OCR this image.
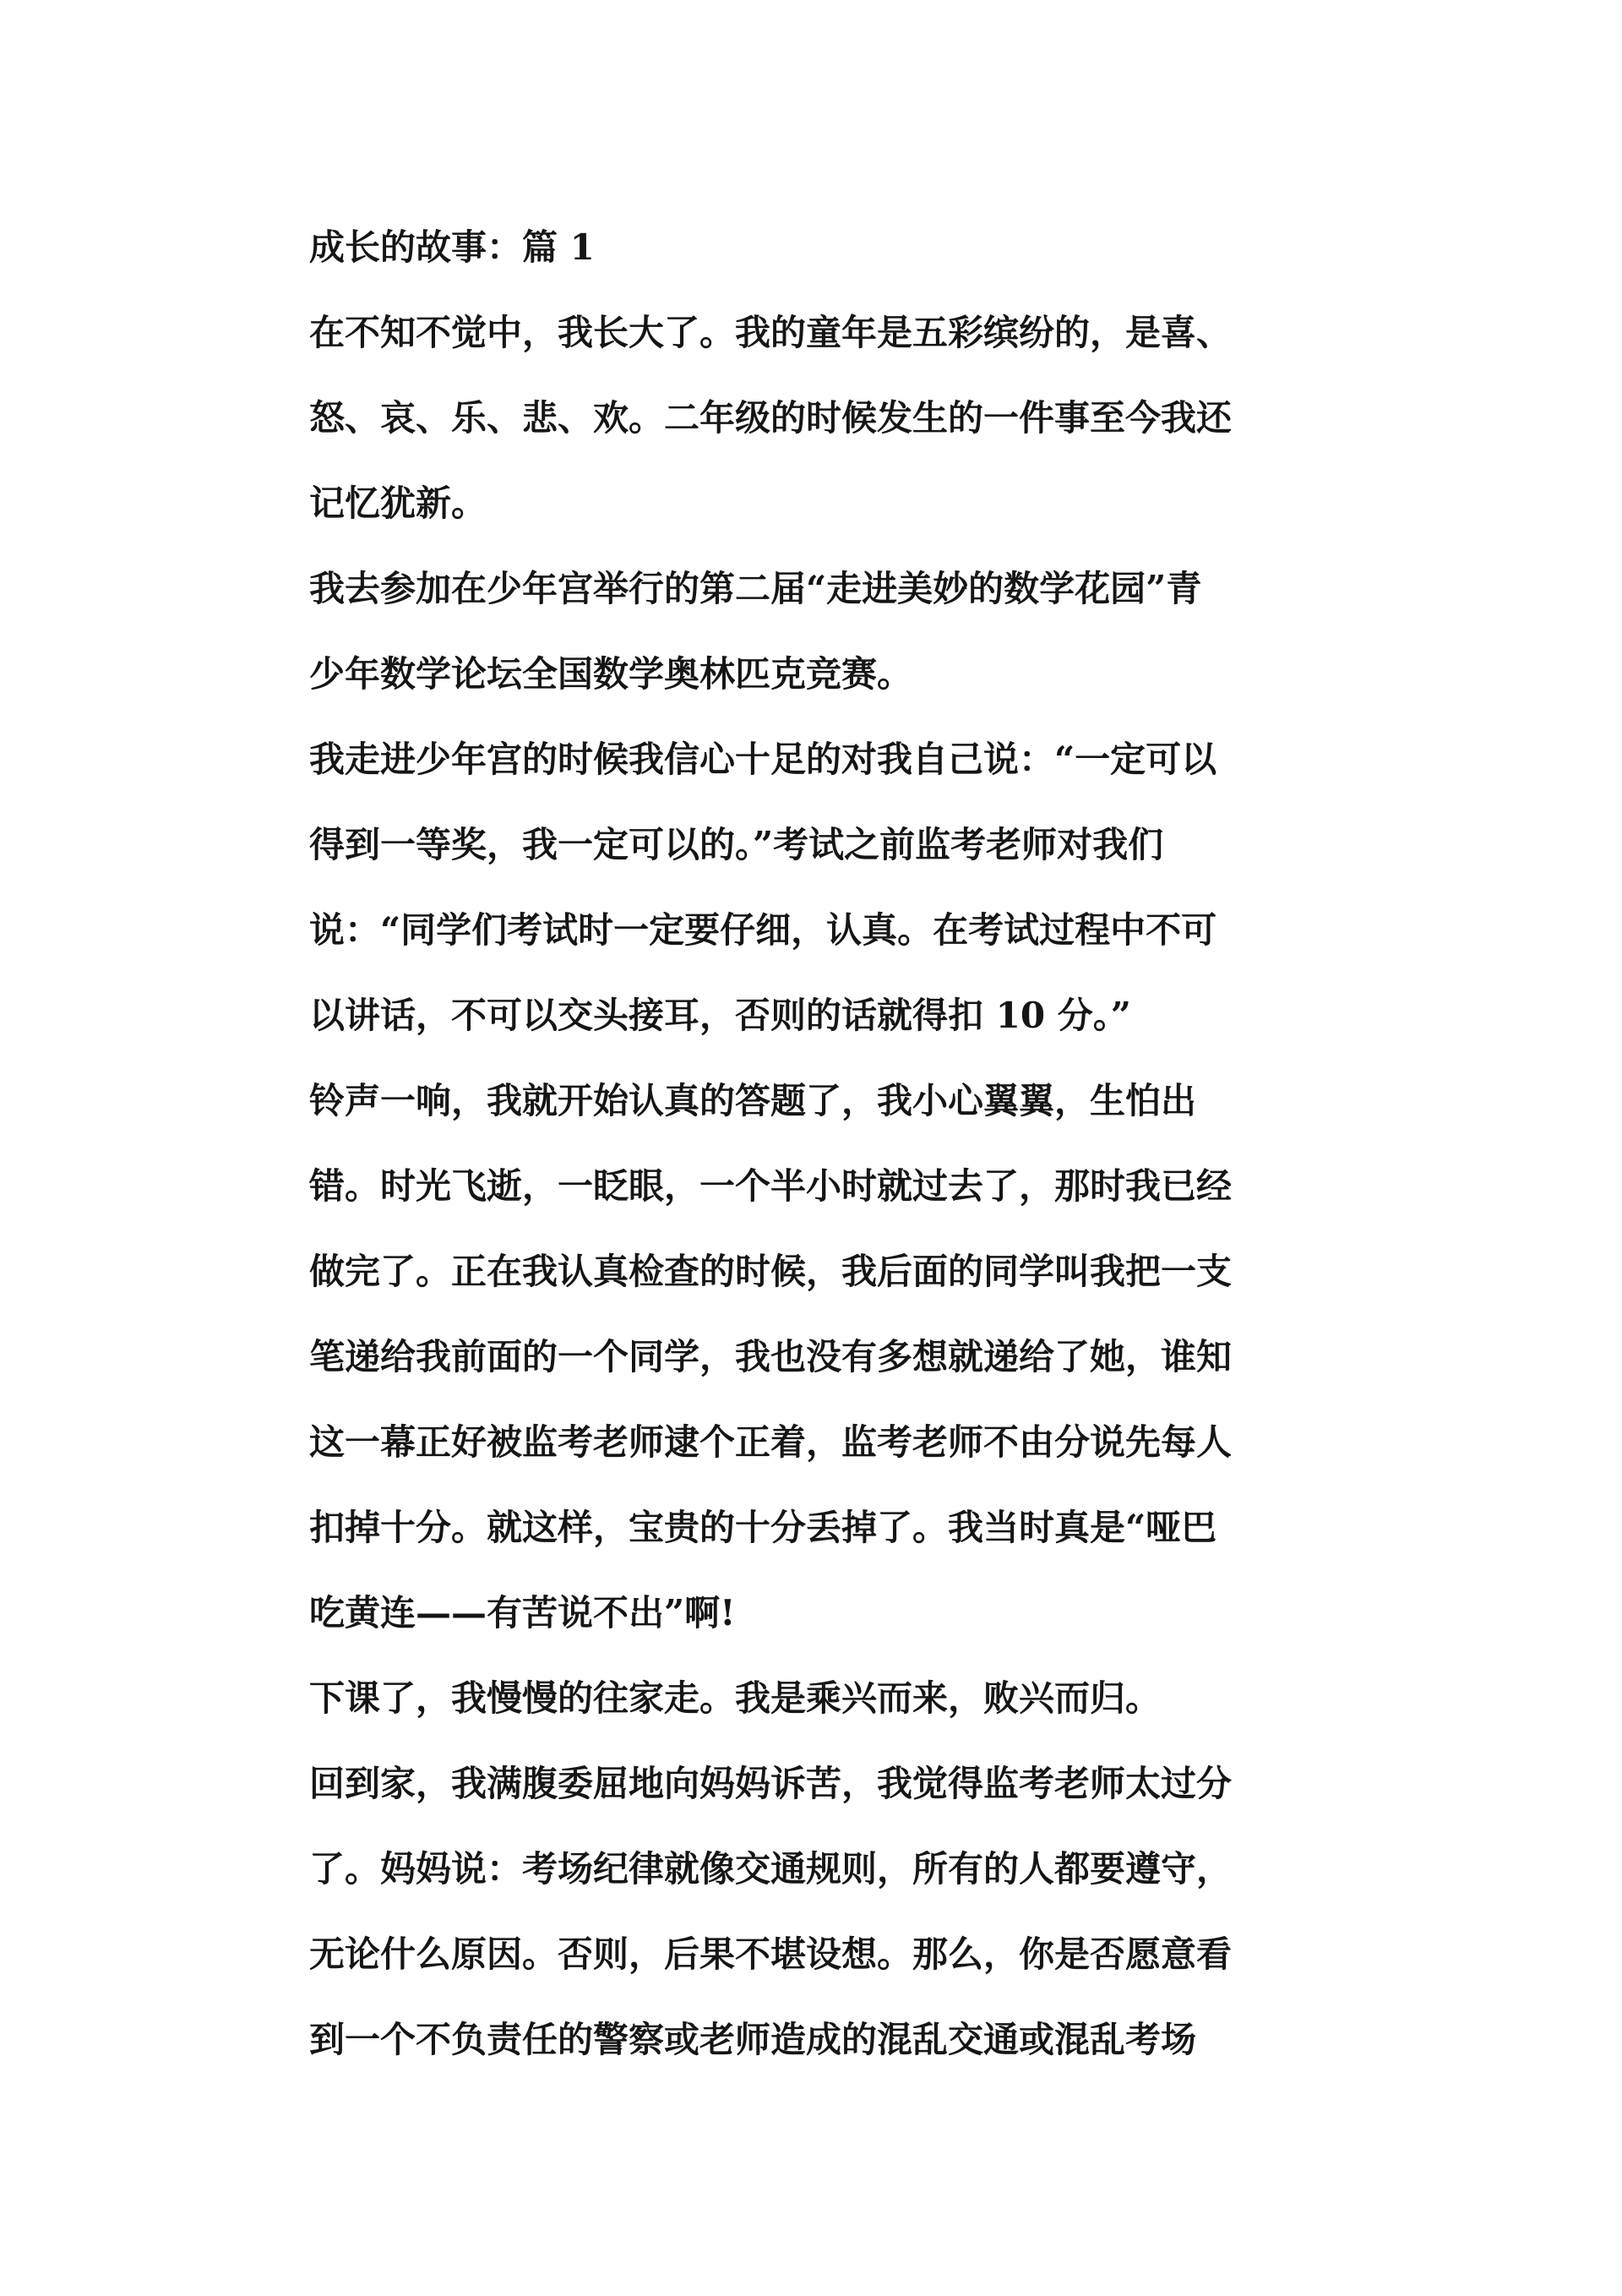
成长的故事：篇 1
在不知不觉中，我长大了。我的童年是五彩缤纷的，是喜、
怒、哀、乐、悲、欢。二年级的时候发生的一件事至今我还
记忆犹新。
我去参加在少年宫举行的第二届“走进美妙的数学花园”青
少年数学论坛全国数学奥林匹克竞赛。
我走进少年宫的时候我信心十足的对我自己说：“一定可以
得到一等奖，我一定可以的。”考试之前监考老师对我们
说：“同学们考试时一定要仔细，认真。在考试过程中不可
以讲话，不可以交头接耳，否则的话就得扣 10 分。”
铃声一响，我就开始认真的答题了，我小心翼翼，生怕出
错。时光飞逝，一眨眼，一个半小时就过去了，那时我已经
做完了。正在我认真检查的时候，我后面的同学叫我把一支
笔递给我前面的一个同学，我也没有多想就递给了她，谁知
这一幕正好被监考老师逮个正着，监考老师不由分说先每人
扣掉十分。就这样，宝贵的十分丢掉了。我当时真是“哑巴
吃黄连——有苦说不出”啊!
下课了，我慢慢的往家走。我是乘兴而来，败兴而归。
回到家，我满腹委屈地向妈妈诉苦，我觉得监考老师太过分
了。妈妈说：考场纪律就像交通规则，所有的人都要遵守，
无论什么原因。否则，后果不堪设想。那么，你是否愿意看
到一个不负责任的警察或老师造成的混乱交通或混乱考场
